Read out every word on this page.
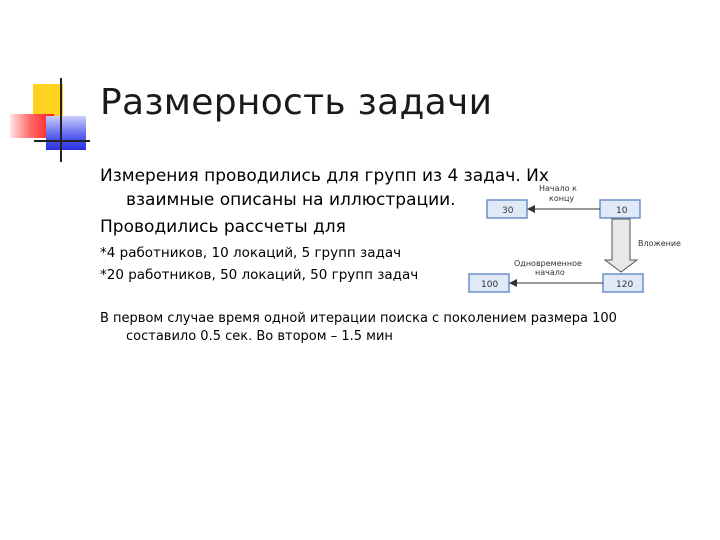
Размерность задачи
Измерения проводились для групп из 4 задач. Их
взаимные описаны на иллюстрации.
Проводились рассчеты для
*4 работников, 10 локаций, 5 групп задач
*20 работников, 50 локаций, 50 групп задач
В первом случае время одной итерации поиска с поколением размера 100
составило 0.5 сек. Во втором – 1.5 мин
30	10
100	120
Начало к
концу
Вложение
Одновременное
начало
